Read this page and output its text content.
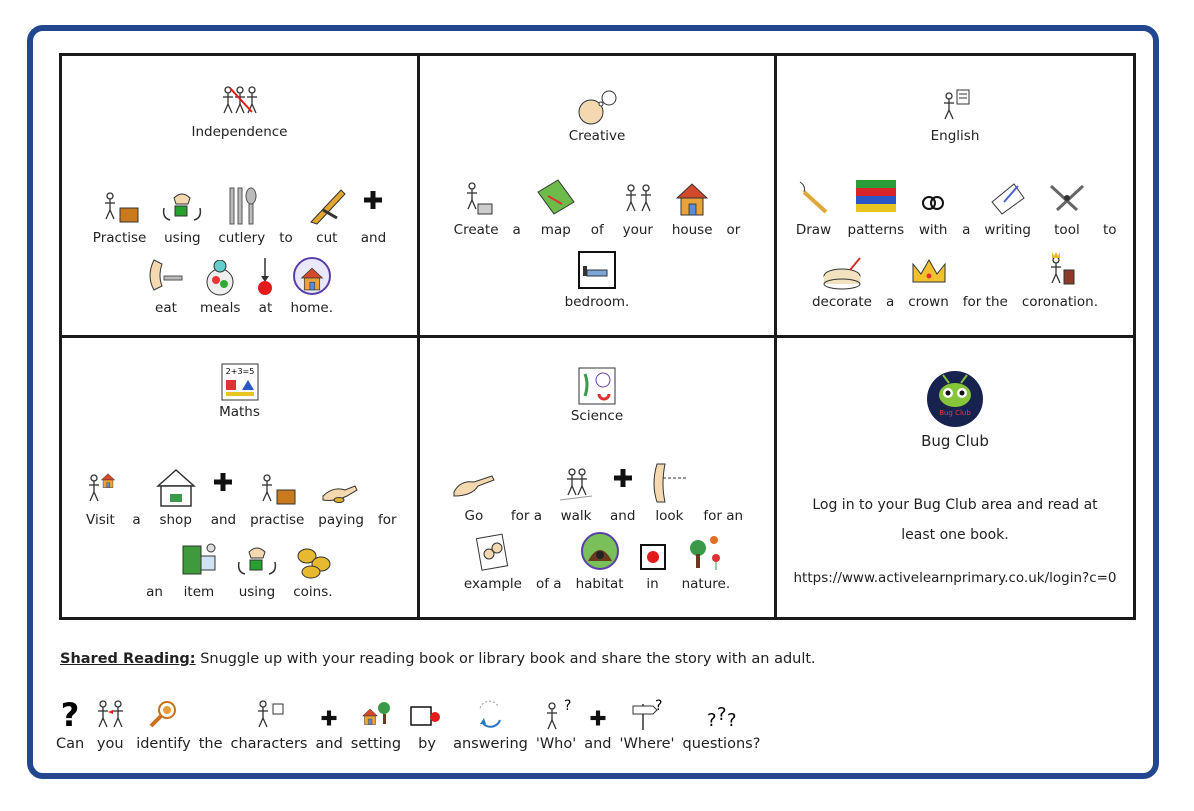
Independence
Practise using cutlery to cut and
eat meals at home.
Creative
Create a map of your house or
bedroom.
English
Draw patterns with a writing tool to
decorate a crown for the coronation.
2+3=5
Maths
Visit a shop and practise paying for
an item using coins.
Science
Go for a walk and look for an
example of a habitat in nature.
Bug Club
Bug Club
Log in to your Bug Club area and read at
least one book.
https://www.activelearnprimary.co.uk/login?c=0
Shared Reading: Snuggle up with your reading book or library book and share the story with an adult.
?
Can you identify the characters and setting by answering
?
'Who' and
?
'Where'
? ? ?
questions?
